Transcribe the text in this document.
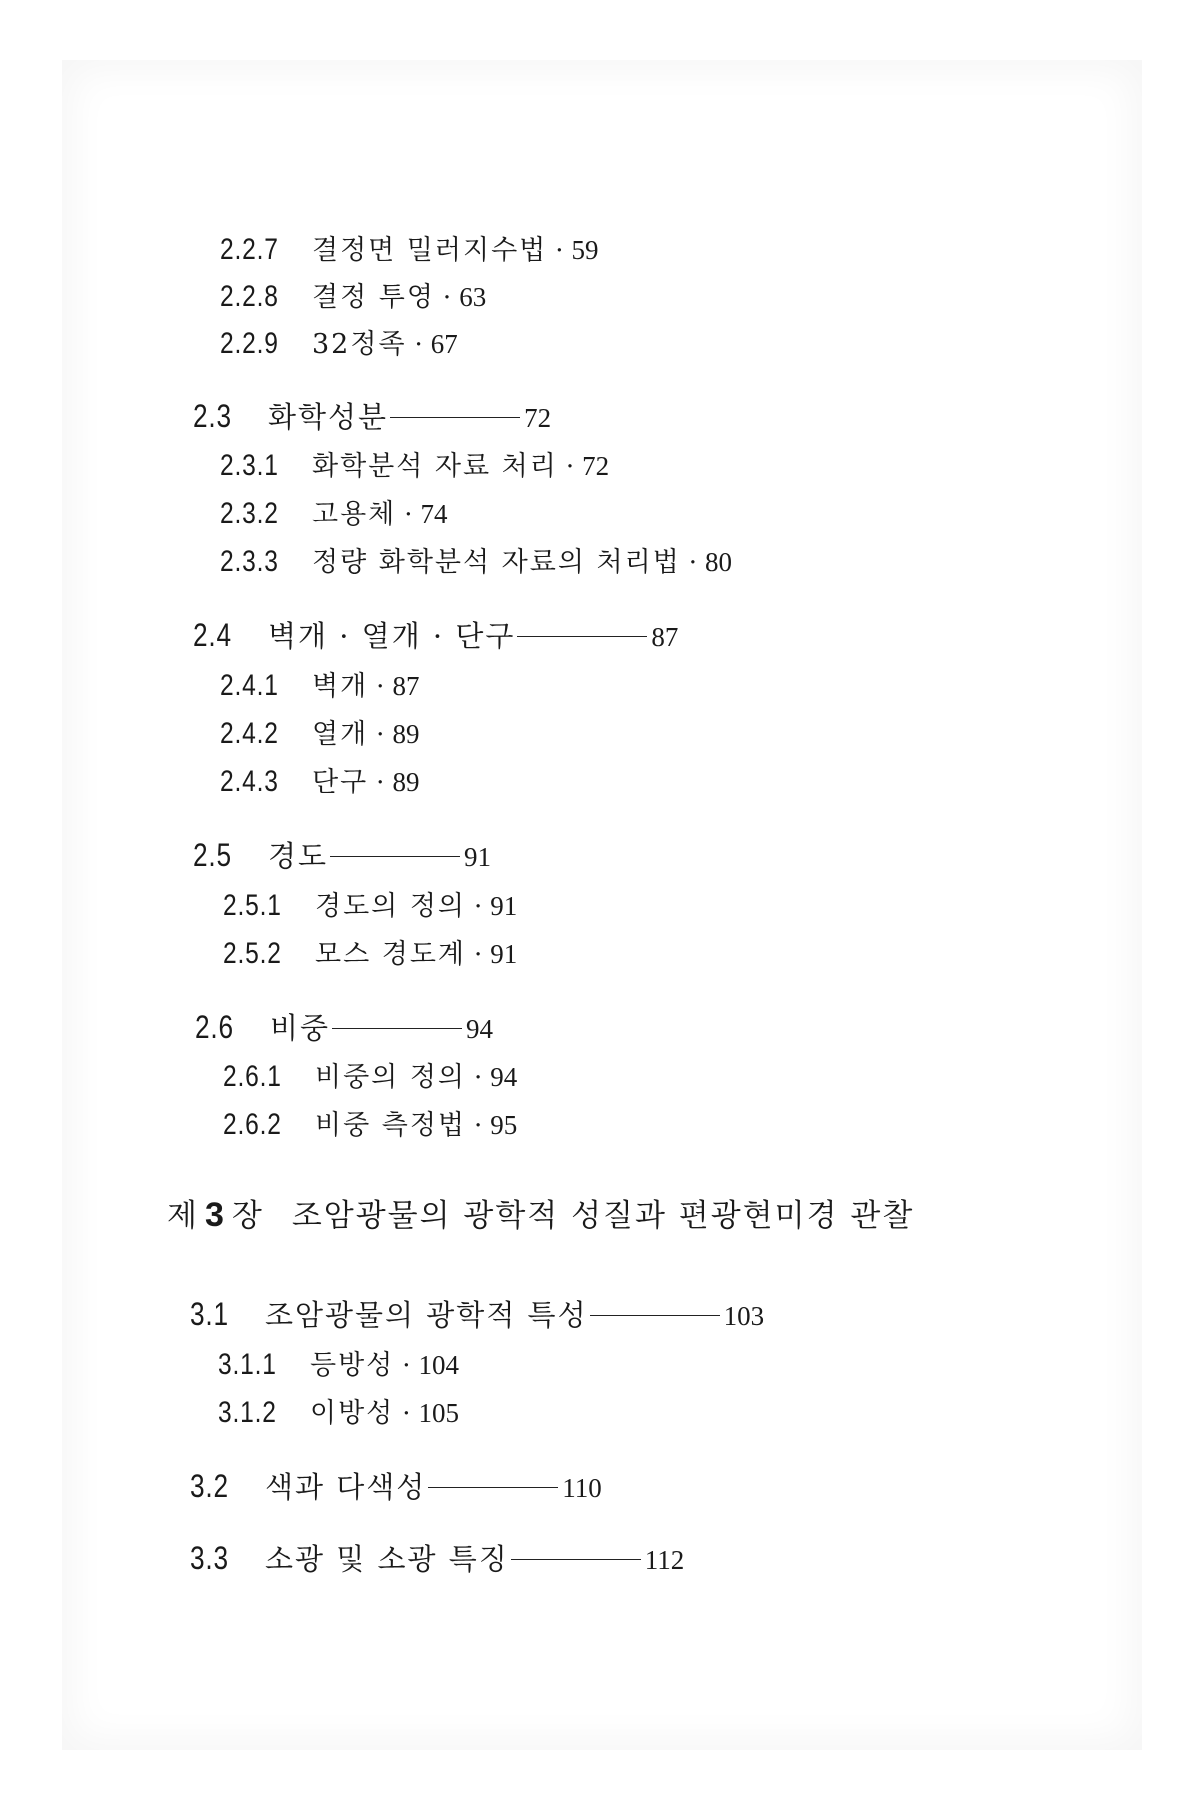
2.2.7	결정면 밀러지수법 · 59
2.2.8	결정 투영 · 63
2.2.9	32정족 · 67
2.3	화학성분	72
2.3.1	화학분석 자료 처리 · 72
2.3.2	고용체 · 74
2.3.3	정량 화학분석 자료의 처리법 · 80
2.4	벽개 · 열개 · 단구	87
2.4.1	벽개 · 87
2.4.2	열개 · 89
2.4.3	단구 · 89
2.5	경도	91
2.5.1	경도의 정의 · 91
2.5.2	모스 경도계 · 91
2.6	비중	94
2.6.1	비중의 정의 · 94
2.6.2	비중 측정법 · 95
제 3 장 조암광물의 광학적 성질과 편광현미경 관찰
3.1	조암광물의 광학적 특성	103
3.1.1	등방성 · 104
3.1.2	이방성 · 105
3.2	색과 다색성	110
3.3	소광 및 소광 특징	112
